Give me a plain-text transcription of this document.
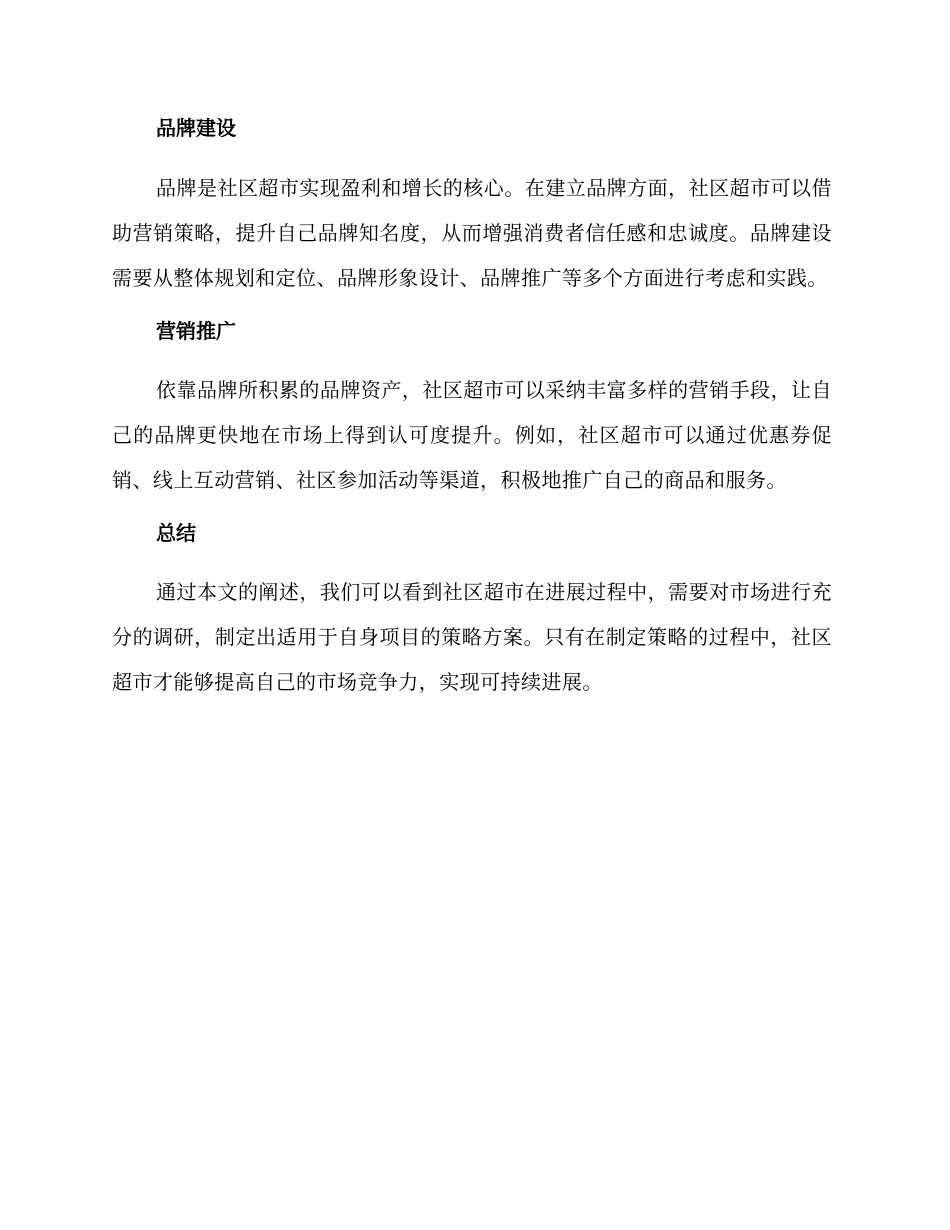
品牌建设

品牌是社区超市实现盈利和增长的核心。在建立品牌方面，社区超市可以借助营销策略，提升自己品牌知名度，从而增强消费者信任感和忠诚度。品牌建设需要从整体规划和定位、品牌形象设计、品牌推广等多个方面进行考虑和实践。

营销推广

依靠品牌所积累的品牌资产，社区超市可以采纳丰富多样的营销手段，让自己的品牌更快地在市场上得到认可度提升。例如，社区超市可以通过优惠券促销、线上互动营销、社区参加活动等渠道，积极地推广自己的商品和服务。

总结

通过本文的阐述，我们可以看到社区超市在进展过程中，需要对市场进行充分的调研，制定出适用于自身项目的策略方案。只有在制定策略的过程中，社区超市才能够提高自己的市场竞争力，实现可持续进展。
